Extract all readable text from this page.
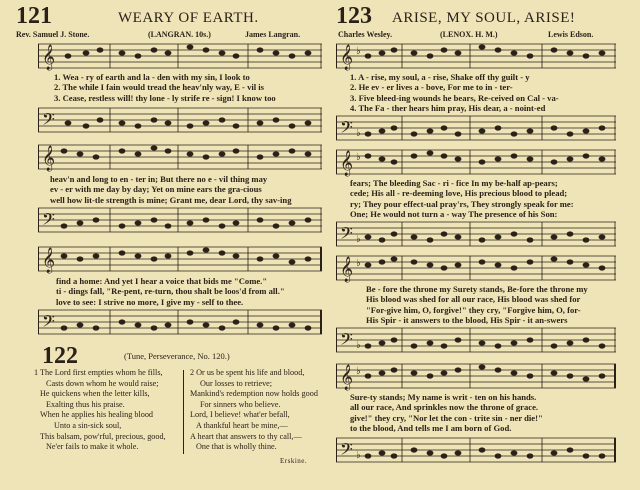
121	WEARY OF EARTH.
Rev. Samuel J. Stone.	(LANGRAN. 10s.)	James Langran.
𝄞
1. Wea - ry of earth and la - den with my sin, I look to
2. The while I fain would tread the heav'nly way, E - vil is
3. Cease, restless will! thy lone - ly strife re - sign! I know too
𝄢
𝄞
heav'n and long to en - ter in; But there no e - vil thing may
ev - er with me day by day; Yet on mine ears the gra-cious
well how lit-tle strength is mine; Grant me, dear Lord, thy sav-ing
𝄢
𝄞
find a home: And yet I hear a voice that bids me "Come."
ti - dings fall, "Re-pent, re-turn, thou shalt be loos'd from all."
love to see: I strive no more, I give my - self to thee.
𝄢
122	(Tune, Perseverance, No. 120.)
1 The Lord first empties whom he fills,
Casts down whom he would raise;
He quickens when the letter kills,
Exalting thus his praise.
When he applies his healing blood
Unto a sin-sick soul,
This balsam, pow'rful, precious, good,
Ne'er fails to make it whole.
2 Or us be spent his life and blood,
Our losses to retrieve;
Mankind's redemption now holds good
For sinners who believe.
Lord, I believe! what'er befall,
A thankful heart be mine,—
A heart that answers to thy call,—
One that is wholly thine.
Erskine.
123 ARISE, MY SOUL, ARISE!
Charles Wesley.	(LENOX. H. M.)	Lewis Edson.
𝄞 ♭
1. A - rise, my soul, a - rise, Shake off thy guilt - y
2. He ev - er lives a - bove, For me to in - ter-
3. Five bleed-ing wounds he bears, Re-ceived on Cal - va-
4. The Fa - ther hears him pray, His dear, a - noint-ed
𝄢 ♭
𝄞 ♭
fears; The bleeding Sac - ri - fice In my be-half ap-pears;
cede; His all - re-deeming love, His precious blood to plead;
ry; They pour effect-ual pray'rs, They strongly speak for me:
One; He would not turn a - way The presence of his Son:
𝄢 ♭
𝄞 ♭
Be - fore the throne my Surety stands, Be-fore the throne my
His blood was shed for all our race, His blood was shed for
"For-give him, O, forgive!" they cry, "Forgive him, O, for-
His Spir - it answers to the blood, His Spir - it an-swers
𝄢 ♭
𝄞 ♭
Sure-ty stands; My name is writ - ten on his hands.
all our race, And sprinkles now the throne of grace.
give!" they cry, "Nor let the con - trite sin - ner die!"
to the blood, And tells me I am born of God.
𝄢 ♭
